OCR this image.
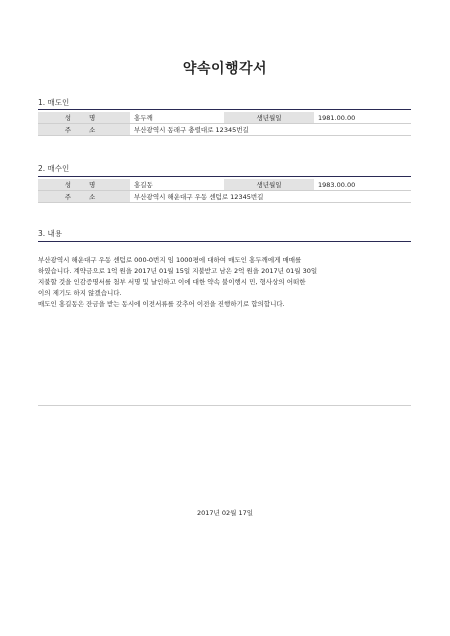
약속이행각서
1. 매도인
성 명	홍두깨	생년월일	1981.00.00
주 소	부산광역시 동래구 충렬대로 12345번길		
2. 매수인
성 명	홍길동	생년월일	1983.00.00
주 소	부산광역시 해운대구 우동 센텀로 12345번길		
3. 내용

부산광역시 해운대구 우동 센텀로 000-0번지 임 1000평에 대하여 매도인 홍두깨에게 매매를

하였습니다. 계약금으로 1억 원을 2017년 01월 15일 지불받고 남은 2억 원을 2017년 01월 30일

지불할 것을 인감증명서를 첨부 서명 및 날인하고 이에 대한 약속 불이행시 민, 형사상의 어떠한

이의 제기도 하지 않겠습니다.

매도인 홍길동은 잔금을 받는 동시에 이전서류를 갖추어 이전을 진행하기로 합의합니다.

2017년 02월 17일
